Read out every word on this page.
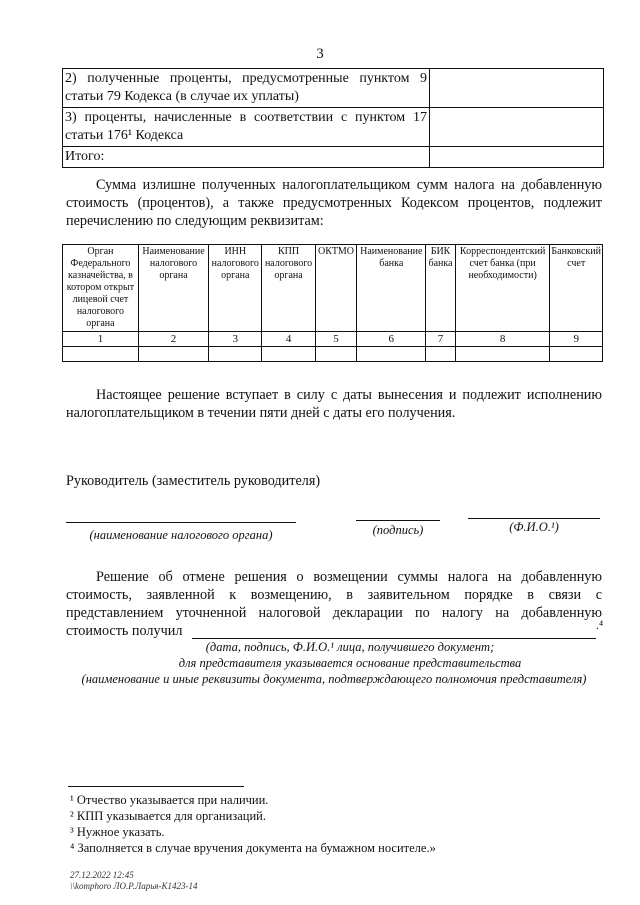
3
2) полученные проценты, предусмотренные пунктом 9 статьи 79 Кодекса (в случае их уплаты)	
3) проценты, начисленные в соответствии с пунктом 17 статьи 176¹ Кодекса	
Итого:	
Сумма излишне полученных налогоплательщиком сумм налога на добавленную стоимость (процентов), а также предусмотренных Кодексом процентов, подлежит перечислению по следующим реквизитам:
Орган Федерального казначейства, в котором открыт лицевой счет налогового органа	Наименование налогового органа	ИНН налогового органа	КПП налогового органа	ОКТМО	Наименование банка	БИК банка	Корреспондентский счет банка (при необходимости)	Банковский счет
1	2	3	4	5	6	7	8	9

Настоящее решение вступает в силу с даты вынесения и подлежит исполнению налогоплательщиком в течении пяти дней с даты его получения.
Руководитель (заместитель руководителя)
(наименование налогового органа)	(подпись)	(Ф.И.О.¹)
Решение об отмене решения о возмещении суммы налога на добавленную стоимость, заявленной к возмещению, в заявительном порядке в связи с представлением уточненной налоговой декларации по налогу на добавленную стоимость получил	.⁴
(дата, подпись, Ф.И.О.¹ лица, получившего документ;
для представителя указывается основание представительства
(наименование и иные реквизиты документа, подтверждающего полномочия представителя)
¹ Отчество указывается при наличии.
² КПП указывается для организаций.
³ Нужное указать.
⁴ Заполняется в случае вручения документа на бумажном носителе.»
27.12.2022 12:45
\\komphoro ЛО.Р.Ларья-К1423-14
